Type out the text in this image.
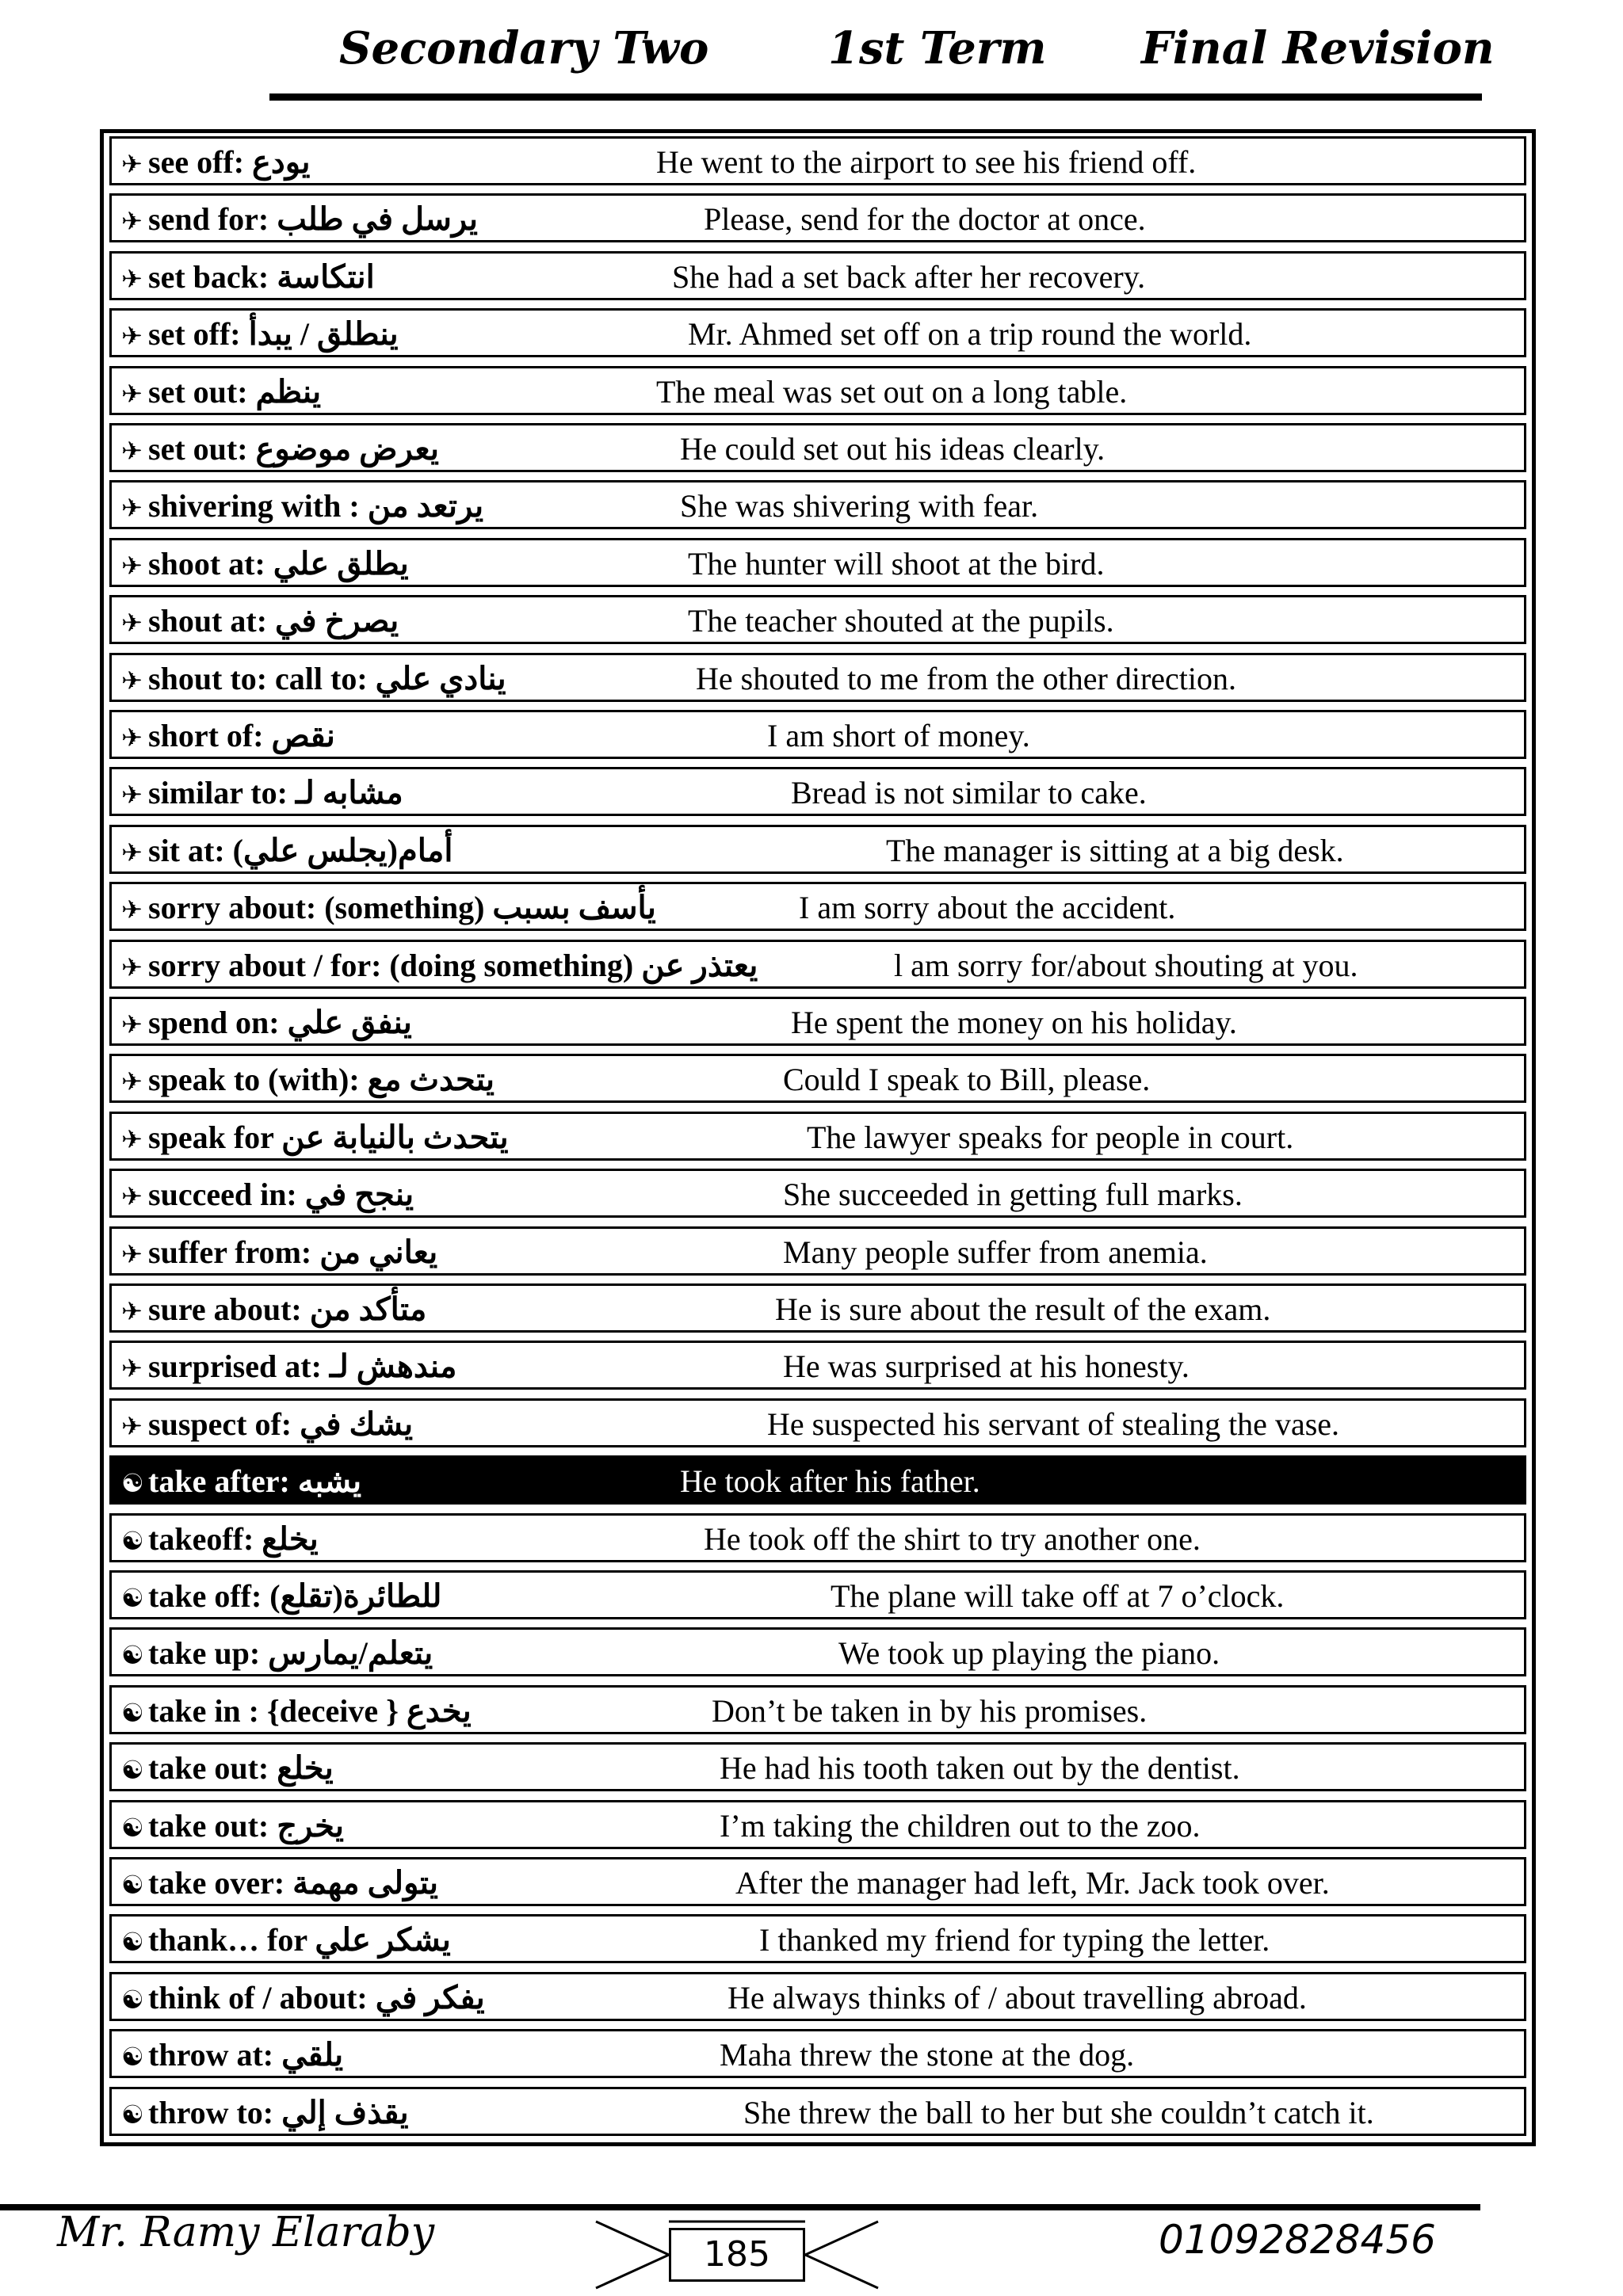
Secondary Two	1st Term Final Revision
✈ see off: يودع	He went to the airport to see his friend off.
✈ send for: يرسل في طلب	Please, send for the doctor at once.
✈ set back: انتكاسة	She had a set back after her recovery.
✈ set off: ينطلق / يبدأ	Mr. Ahmed set off on a trip round the world.
✈ set out: ينظم	The meal was set out on a long table.
✈ set out: يعرض موضوع	He could set out his ideas clearly.
✈ shivering with : يرتعد من	She was shivering with fear.
✈ shoot at: يطلق علي	The hunter will shoot at the bird.
✈ shout at: يصرخ في	The teacher shouted at the pupils.
✈ shout to: call to: ينادي علي	He shouted to me from the other direction.
✈ short of: نقص	I am short of money.
✈ similar to: مشابه لـ	Bread is not similar to cake.
✈ sit at: (يجلس علي)أمام	The manager is sitting at a big desk.
✈ sorry about: (something) يأسف بسبب	I am sorry about the accident.
✈ sorry about / for: (doing something) يعتذر عن	l am sorry for/about shouting at you.
✈ spend on: ينفق علي	He spent the money on his holiday.
✈ speak to (with): يتحدث مع	Could I speak to Bill, please.
✈ speak for يتحدث بالنيابة عن	The lawyer speaks for people in court.
✈ succeed in: ينجح في	She succeeded in getting full marks.
✈ suffer from: يعاني من	Many people suffer from anemia.
✈ sure about: متأكد من	He is sure about the result of the exam.
✈ surprised at: مندهش لـ	He was surprised at his honesty.
✈ suspect of: يشك في	He suspected his servant of stealing the vase.
☯ take after: يشبه	He took after his father.
☯ takeoff: يخلع	He took off the shirt to try another one.
☯ take off: (تقلع)للطائرة	The plane will take off at 7 o’clock.
☯ take up: يتعلم/يمارس	We took up playing the piano.
☯ take in : {deceive } يخدع	Don’t be taken in by his promises.
☯ take out: يخلع	He had his tooth taken out by the dentist.
☯ take out: يخرج	I’m taking the children out to the zoo.
☯ take over: يتولى مهمة	After the manager had left, Mr. Jack took over.
☯ thank… for يشكر علي	I thanked my friend for typing the letter.
☯ think of / about: يفكر في	He always thinks of / about travelling abroad.
☯ throw at: يلقي	Maha threw the stone at the dog.
☯ throw to: يقذف إلي	She threw the ball to her but she couldn’t catch it.
Mr. Ramy Elaraby	185	01092828456
